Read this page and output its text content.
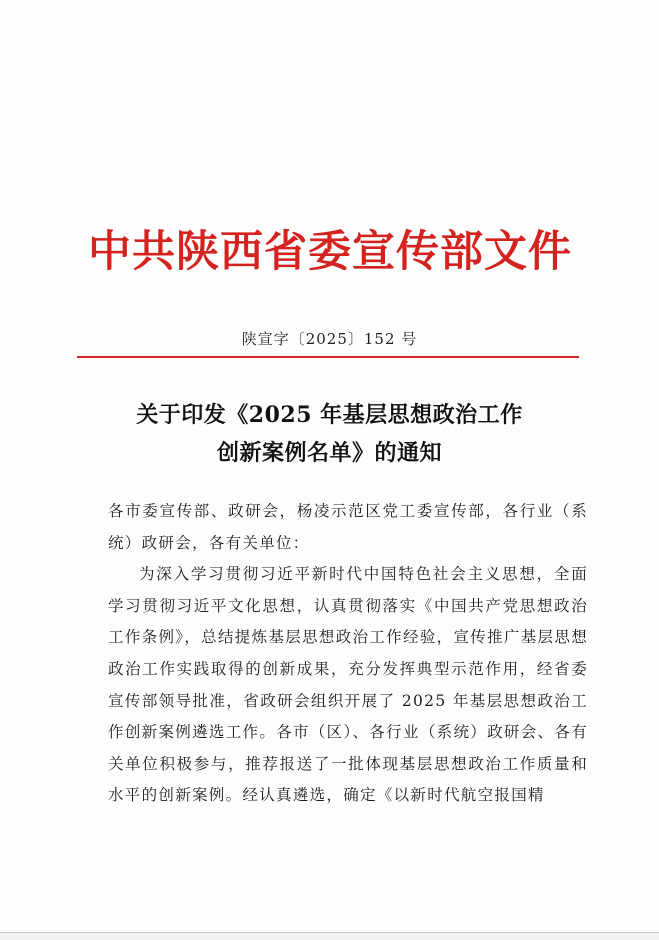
中共陕西省委宣传部文件
陕宣字〔2025〕152 号
关于印发《2025 年基层思想政治工作
创新案例名单》的通知

各市委宣传部、政研会，杨凌示范区党工委宣传部，各行业（系统）政研会，各有关单位：

为深入学习贯彻习近平新时代中国特色社会主义思想，全面学习贯彻习近平文化思想，认真贯彻落实《中国共产党思想政治工作条例》，总结提炼基层思想政治工作经验，宣传推广基层思想政治工作实践取得的创新成果，充分发挥典型示范作用，经省委宣传部领导批准，省政研会组织开展了 2025 年基层思想政治工作创新案例遴选工作。各市（区）、各行业（系统）政研会、各有关单位积极参与，推荐报送了一批体现基层思想政治工作质量和水平的创新案例。经认真遴选，确定《以新时代航空报国精
